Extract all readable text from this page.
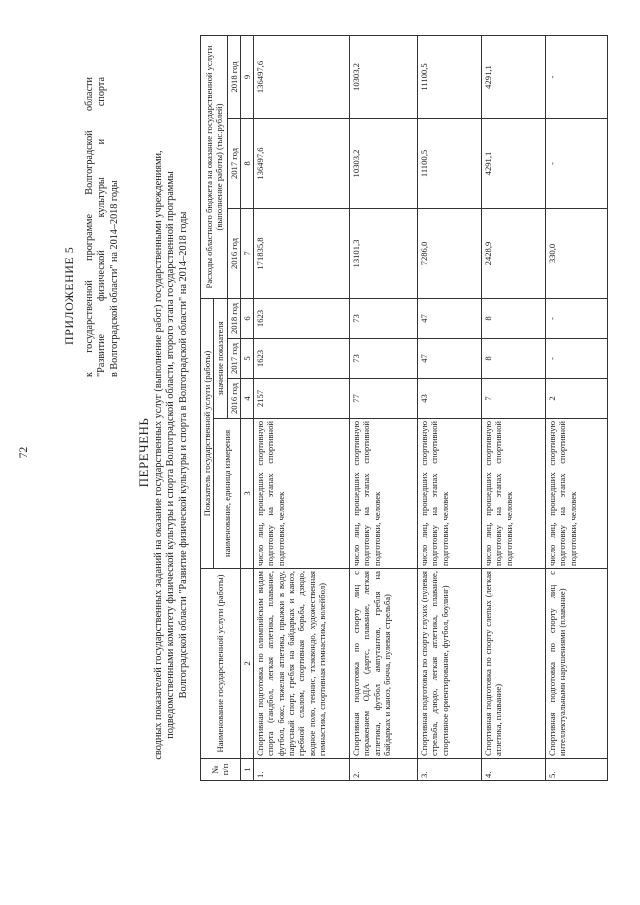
72
ПРИЛОЖЕНИЕ 5 к государственной программе Волгоградской области "Развитие физической культуры и спорта в Волгоградской области" на 2014–2018 годы
ПЕРЕЧЕНЬ сводных показателей государственных заданий на оказание государственных услуг (выполнение работ) государственными учреждениями, подведомственными комитету физической культуры и спорта Волгоградской области, второго этапа государственной программы Волгоградской области "Развитие физической культуры и спорта в Волгоградской области" на 2014–2018 годы
№ п/п	Наименование государственной услуги (работы)	Показатель государственной услуги (работы)				Расходы областного бюджета на оказание государственной услуги (выполнение работы) (тыс.рублей)		
		наименование, единица измерения	значение показателя					
			2016 год	2017 год	2018 год	2016 год	2017 год	2018 год
1	2	3	4	5	6	7	8	9
1.	Спортивная подготовка по олимпийским видам спорта (гандбол, легкая атлетика, плавание, футбол, бокс, тяжелая атлетика, прыжки в воду, парусный спорт, гребля на байдарках и каноэ, гребной слалом, спортивная борьба, дзюдо, водное поло, теннис, тхэквондо, художественная гимнастика, спортивная гимнастика, волейбол)	число лиц, прошедших спортивную подготовку на этапах спортивной подготовки, человек	2157	1623	1623	171835,8	136497,6	136497,6
2.	Спортивная подготовка по спорту лиц с поражением ОДА (дартс, плавание, легкая атлетика, футбол ампутантов, гребля на байдарках и каноэ, бочча, пулевая стрельба)	число лиц, прошедших спортивную подготовку на этапах спортивной подготовки, человек	77	73	73	13101,3	10303,2	10303,2
3.	Спортивная подготовка по спорту глухих (пулевая стрельба, дзюдо, легкая атлетика, плавание, спортивное ориентирование, футбол, боулинг)	число лиц, прошедших спортивную подготовку на этапах спортивной подготовки, человек	43	47	47	7286,0	11100,5	11100,5
4.	Спортивная подготовка по спорту слепых (легкая атлетика, плавание)	число лиц, прошедших спортивную подготовку на этапах спортивной подготовки, человек	7	8	8	2428,9	4291,1	4291,1
5.	Спортивная подготовка по спорту лиц с интеллектуальными нарушениями (плавание)	число лиц, прошедших спортивную подготовку на этапах спортивной подготовки, человек	2	-	-	330,0	-	-
